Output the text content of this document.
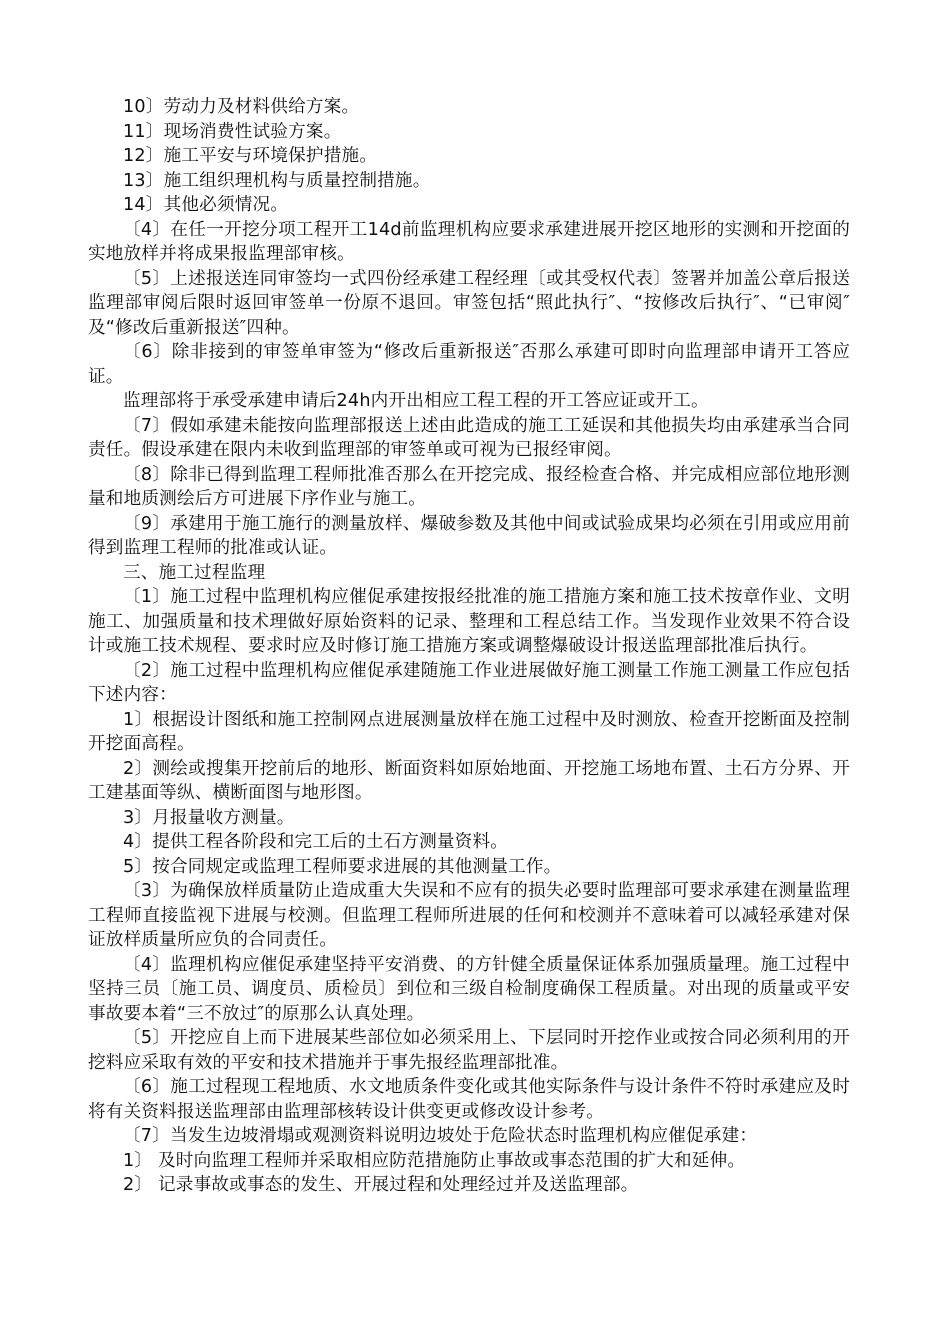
10〕劳动力及材料供给方案。

11〕现场消费性试验方案。

12〕施工平安与环境保护措施。

13〕施工组织理机构与质量控制措施。

14〕其他必须情况。

〔4〕在任一开挖分项工程开工14d前监理机构应要求承建进展开挖区地形的实测和开挖面的实地放样并将成果报监理部审核。

〔5〕上述报送连同审签均一式四份经承建工程经理〔或其受权代表〕签署并加盖公章后报送监理部审阅后限时返回审签单一份原不退回。审签包括“照此执行″、“按修改后执行″、“已审阅″及“修改后重新报送″四种。

〔6〕除非接到的审签单审签为“修改后重新报送″否那么承建可即时向监理部申请开工答应证。

监理部将于承受承建申请后24h内开出相应工程工程的开工答应证或开工。

〔7〕假如承建未能按向监理部报送上述由此造成的施工工延误和其他损失均由承建承当合同责任。假设承建在限内未收到监理部的审签单或可视为已报经审阅。

〔8〕除非已得到监理工程师批准否那么在开挖完成、报经检查合格、并完成相应部位地形测量和地质测绘后方可进展下序作业与施工。

〔9〕承建用于施工施行的测量放样、爆破参数及其他中间或试验成果均必须在引用或应用前得到监理工程师的批准或认证。

三、施工过程监理

〔1〕施工过程中监理机构应催促承建按报经批准的施工措施方案和施工技术按章作业、文明施工、加强质量和技术理做好原始资料的记录、整理和工程总结工作。当发现作业效果不符合设计或施工技术规程、要求时应及时修订施工措施方案或调整爆破设计报送监理部批准后执行。

〔2〕施工过程中监理机构应催促承建随施工作业进展做好施工测量工作施工测量工作应包括下述内容：

1〕根据设计图纸和施工控制网点进展测量放样在施工过程中及时测放、检查开挖断面及控制开挖面高程。

2〕测绘或搜集开挖前后的地形、断面资料如原始地面、开挖施工场地布置、土石方分界、开工建基面等纵、横断面图与地形图。

3〕月报量收方测量。

4〕提供工程各阶段和完工后的土石方测量资料。

5〕按合同规定或监理工程师要求进展的其他测量工作。

〔3〕为确保放样质量防止造成重大失误和不应有的损失必要时监理部可要求承建在测量监理工程师直接监视下进展与校测。但监理工程师所进展的任何和校测并不意味着可以减轻承建对保证放样质量所应负的合同责任。

〔4〕监理机构应催促承建坚持平安消费、的方针健全质量保证体系加强质量理。施工过程中坚持三员〔施工员、调度员、质检员〕到位和三级自检制度确保工程质量。对出现的质量或平安事故要本着“三不放过″的原那么认真处理。

〔5〕开挖应自上而下进展某些部位如必须采用上、下层同时开挖作业或按合同必须利用的开挖料应采取有效的平安和技术措施并于事先报经监理部批准。

〔6〕施工过程现工程地质、水文地质条件变化或其他实际条件与设计条件不符时承建应及时将有关资料报送监理部由监理部核转设计供变更或修改设计参考。

〔7〕当发生边坡滑塌或观测资料说明边坡处于危险状态时监理机构应催促承建：

1〕 及时向监理工程师并采取相应防范措施防止事故或事态范围的扩大和延伸。

2〕 记录事故或事态的发生、开展过程和处理经过并及送监理部。
